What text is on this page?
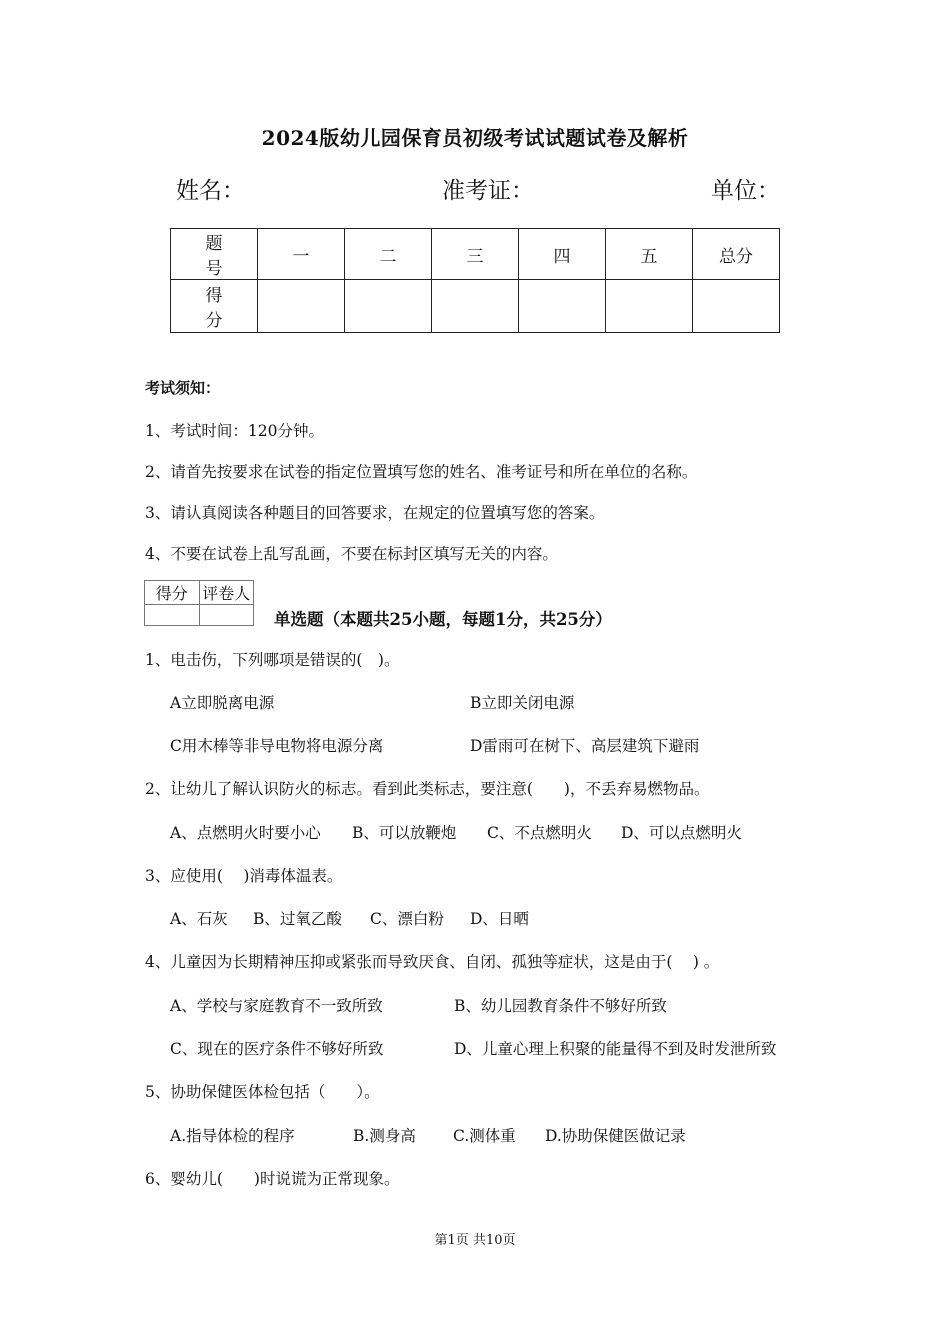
2024版幼儿园保育员初级考试试题试卷及解析
姓名：	准考证：	单位：
题号	一	二	三	四	五	总分
得分						
考试须知：
1、考试时间：120分钟。
2、请首先按要求在试卷的指定位置填写您的姓名、准考证号和所在单位的名称。
3、请认真阅读各种题目的回答要求，在规定的位置填写您的答案。
4、不要在试卷上乱写乱画，不要在标封区填写无关的内容。
得分	评卷人

单选题（本题共25小题，每题1分，共25分）
1、电击伤，下列哪项是错误的(　)。
A立即脱离电源	B立即关闭电源
C用木棒等非导电物将电源分离	D雷雨可在树下、高层建筑下避雨
2、让幼儿了解认识防火的标志。看到此类标志，要注意(　　)，不丢弃易燃物品。
A、点燃明火时要小心 B、可以放鞭炮 C、不点燃明火 D、可以点燃明火
3、应使用(　 )消毒体温表。
A、石灰 B、过氧乙酸 C、漂白粉 D、日晒
4、儿童因为长期精神压抑或紧张而导致厌食、自闭、孤独等症状，这是由于(　 ) 。
A、学校与家庭教育不一致所致	B、幼儿园教育条件不够好所致
C、现在的医疗条件不够好所致	D、儿童心理上积聚的能量得不到及时发泄所致
5、协助保健医体检包括（　　）。
A.指导体检的程序	B.测身高 C.测体重 D.协助保健医做记录
6、婴幼儿(　　)时说谎为正常现象。
第1页 共10页
